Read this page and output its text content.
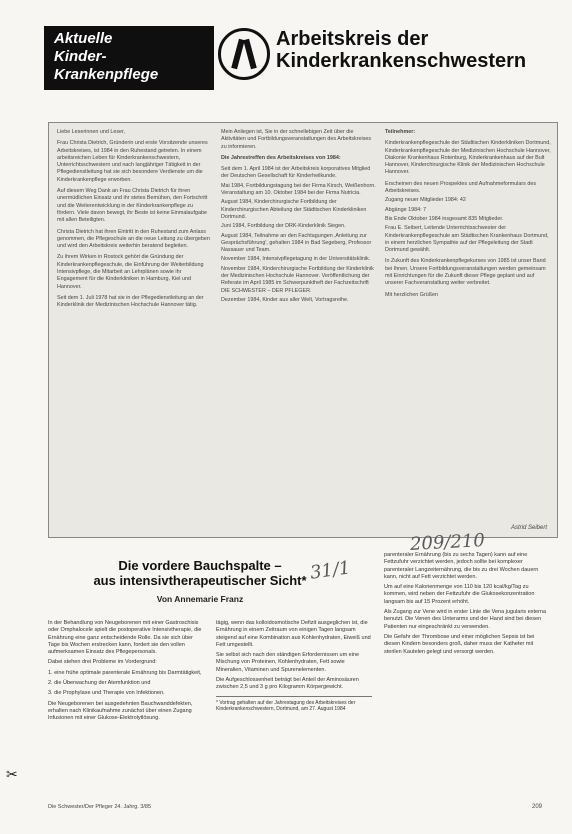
Aktuelle
Kinder-
Krankenpflege
Arbeitskreis der
Kinderkrankenschwestern

Liebe Leserinnen und Leser,

Frau Christa Dietrich, Gründerin und erste Vorsitzende unseres Arbeitskreises, ist 1984 in den Ruhestand getreten. In einem arbeitsreichen Leben für Kinderkrankenschwestern, Unterrichtsschwestern und nach langjähriger Tätigkeit in der Pflegedienstleitung hat sie sich besondere Verdienste um die Kinderkrankenpflege erworben.

Auf diesem Weg Dank an Frau Christa Dietrich für ihren unermüdlichen Einsatz und ihr stetes Bemühen, den Fortschritt und die Weiterentwicklung in der Kinderkrankenpflege zu fördern. Viele davon bewegt, ihr Beste ist keine Einmalaufgabe mit allen Beteiligten.

Christa Dietrich hat ihren Eintritt in den Ruhestand zum Anlass genommen, die Pflegeschule an die neue Leitung zu übergeben und wird den Arbeitskreis weiterhin beratend begleiten.

Zu ihrem Wirken in Rostock gehört die Gründung der Kinderkrankenpflegeschule, die Einführung der Weiterbildung Intensivpflege, die Mitarbeit an Lehrplänen sowie ihr Engagement für die Kinderkliniken in Hamburg, Kiel und Hannover.

Seit dem 1. Juli 1978 hat sie in der Pflegedienstleitung an der Kinderklinik der Medizinischen Hochschule Hannover tätig.

Mein Anliegen ist, Sie in der schnellebigen Zeit über die Aktivitäten und Fortbildungsveranstaltungen des Arbeitskreises zu informieren.

Die Jahrestreffen des Arbeitskreises von 1984:

Seit dem 1. April 1984 ist der Arbeitskreis korporatives Mitglied der Deutschen Gesellschaft für Kinderheilkunde.

Mai 1984, Fortbildungstagung bei der Firma Kirsch, Weißenhorn. Veranstaltung am 10. Oktober 1984 bei der Firma Nutricia.

August 1984, Kinderchirurgische Fortbildung der Kinderchirurgischen Abteilung der Städtischen Kinderkliniken Dortmund.

Juni 1984, Fortbildung der DRK-Kinderklinik Siegen.

August 1984, Teilnahme an den Fachtagungen ‚Anleitung zur Gesprächsführung', gehalten 1984 in Bad Segeberg, Professor Nassauer und Team.

November 1984, Intensivpflegetagung in der Universitätsklinik.

November 1984, Kinderchirurgische Fortbildung der Kinderklinik der Medizinischen Hochschule Hannover. Veröffentlichung der Referate im April 1985 im Schwerpunktheft der Fachzeitschrift DIE SCHWESTER – DER PFLEGER.

Dezember 1984, Kinder aus aller Welt, Vortragsreihe.

Teilnehmer:

Kinderkrankenpflegeschule der Städtischen Kinderkliniken Dortmund, Kinderkrankenpflegeschule der Medizinischen Hochschule Hannover, Diakonie Krankenhaus Rotenburg, Kinderkrankenhaus auf der Bult Hannover, Kinderchirurgische Klinik der Medizinischen Hochschule Hannover.

Erscheinen des neuen Prospektes und Aufnahmeformulars des Arbeitskreises.

Zugang neuer Mitglieder 1984: 42

Abgänge 1984: 7

Bis Ende Oktober 1984 insgesamt 835 Mitglieder.

Frau E. Seibert, Leitende Unterrichtsschwester der Kinderkrankenpflegeschule am Städtischen Krankenhaus Dortmund, in einem herzlichen Sympathie auf der Pflegeleitung der Stadt Dortmund gewählt.

In Zukunft des Kinderkrankenpflegekurses von 1985 ist unser Band bei Ihnen. Unsere Fortbildungsveranstaltungen werden gemeinsam mit Einrichtungen für die Zukunft dieser Pflege geplant und auf unserer Fachveranstaltung weiter verbreitet.

Mit herzlichen Grüßen

Astrid Seibert
31/1
209/210
Die vordere Bauchspalte –
aus intensivtherapeutischer Sicht*
Von Annemarie Franz

In der Behandlung von Neugeborenen mit einer Gastroschisis oder Omphalocele spielt die postoperative Intensivtherapie, die Ernährung eine ganz entscheidende Rolle. Da sie sich über Tage bis Wochen erstrecken kann, fordert sie den vollen aufmerksamen Einsatz des Pflegepersonals.

Dabei stehen drei Probleme im Vordergrund:

1. eine frühe optimale parenterale Ernährung bis Darmtätigkeit,

2. die Überwachung der Atemfunktion und

3. die Prophylaxe und Therapie von Infektionen.

Die Neugeborenen bei ausgedehnten Bauchwanddefekten, erhalten nach Klinikaufnahme zunächst über einen Zugang Infusionen mit einer Glukose-Elektrolytlösung.

tägig, wenn das kolloidosmotische Defizit ausgeglichen ist, die Ernährung in einem Zeitraum von einigen Tagen langsam steigend auf eine Kombination aus Kohlenhydraten, Eiweiß und Fett umgestellt.

Sie selbst sich nach den ständigen Erfordernissen um eine Mischung von Proteinen, Kohlenhydraten, Fett sowie Mineralien, Vitaminen und Spurenelementen.

Die Aufgeschlossenheit beträgt bei Anteil der Aminosäuren zwischen 2,5 und 3 g pro Kilogramm Körpergewicht.

* Vortrag gehalten auf der Jahrestagung des Arbeitskreises der Kinderkrankenschwestern, Dortmund, am 27. August 1984

parenteraler Ernährung (bis zu sechs Tagen) kann auf eine Fettzufuhr verzichtet werden, jedoch sollte bei komplexer parenteraler Langzeiternährung, die bis zu drei Wochen dauern kann, nicht auf Fett verzichtet werden.

Um auf eine Kalorienmenge von 110 bis 120 kcal/kg/Tag zu kommen, wird neben der Fettzufuhr die Glukosekonzentration langsam bis auf 15 Prozent erhöht.

Als Zugang zur Vene wird in erster Linie die Vena jugularis externa benutzt. Die Venen des Unterarms und der Hand sind bei diesen Patienten nur eingeschränkt zu verwenden.

Die Gefahr der Thrombose und einer möglichen Sepsis ist bei diesen Kindern besonders groß, daher muss der Katheter mit sterilen Kautelen gelegt und versorgt werden.

✂
Die Schwester/Der Pfleger 24. Jahrg. 3/85	209
